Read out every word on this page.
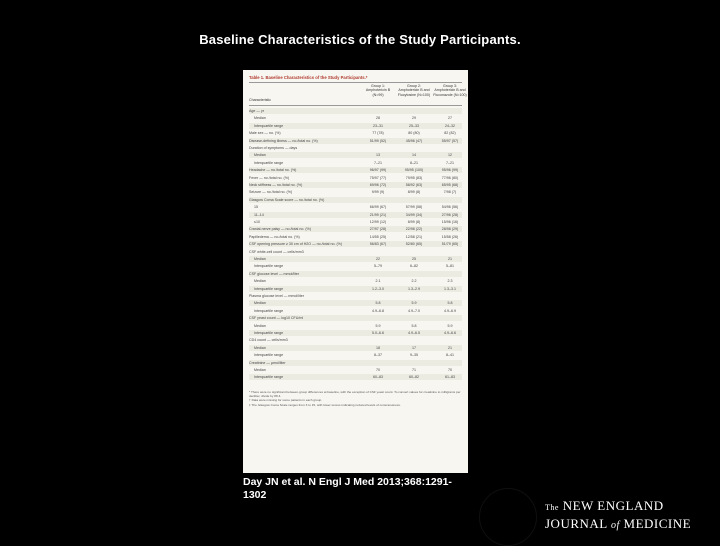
Baseline Characteristics of the Study Participants.
Table 1. Baseline Characteristics of the Study Participants.*
Characteristic
Group 1: Amphotericin B (N=99)
Group 2: Amphotericin B and Flucytosine (N=100)
Group 3: Amphotericin B and Fluconazole (N=100)
Age — yr
Median	28	29	27
Interquartile range	23–31	25–33	24–32
Male sex — no. (%)	77 (78)	80 (80)	82 (82)
Disease-defining illness — no./total no. (%)	51/99 (52)	45/96 (47)	55/97 (57)
Duration of symptoms — days
Median	13	14	12
Interquartile range	7–21	8–21	7–21
Headache — no./total no. (%)	96/97 (99)	95/95 (100)	95/96 (99)
Fever — no./total no. (%)	75/97 (77)	79/95 (83)	77/96 (80)
Neck stiffness — no./total no. (%)	69/96 (72)	58/92 (63)	65/95 (68)
Seizure — no./total no. (%)	9/99 (9)	8/99 (8)	7/98 (7)
Glasgow Coma Scale score — no./total no. (%)
15	66/99 (67)	57/99 (58)	54/96 (56)
11–14	21/99 (21)	34/99 (34)	27/96 (28)
≤10	12/99 (12)	8/99 (8)	15/96 (16)
Cranial-nerve palsy — no./total no. (%)	27/97 (28)	22/98 (22)	28/98 (29)
Papilledema — no./total no. (%)	14/55 (25)	12/58 (21)	15/58 (26)
CSF opening pressure ≥ 30 cm of H2O — no./total no. (%)	56/83 (67)	52/80 (65)	51/79 (65)
CSF white-cell count — cells/mm3
Median	22	25	21
Interquartile range	5–79	6–82	5–81
CSF glucose level — mmol/liter
Median	2.1	2.2	2.3
Interquartile range	1.2–3.0	1.3–2.9	1.3–3.1
Plasma glucose level — mmol/liter
Median	5.8	5.9	5.8
Interquartile range	4.9–6.8	4.9–7.0	4.9–6.9
CSF yeast count — log10 CFU/ml
Median	5.9	5.8	5.9
Interquartile range	5.0–6.6	4.9–6.5	4.9–6.6
CD4 count — cells/mm3
Median	18	17	21
Interquartile range	8–37	9–35	8–41
Creatinine — µmol/liter
Median	70	71	70
Interquartile range	60–83	60–82	61–83
* There were no significant between-group differences at baseline, with the exception of CSF yeast count. To convert values for creatinine to milligrams per deciliter, divide by 88.4.
† Data were missing for some patients in each group.
‡ The Glasgow Coma Scale ranges from 3 to 15, with lower scores indicating reduced levels of consciousness.
Day JN et al. N Engl J Med 2013;368:1291-1302
The NEW ENGLAND
JOURNAL of MEDICINE
